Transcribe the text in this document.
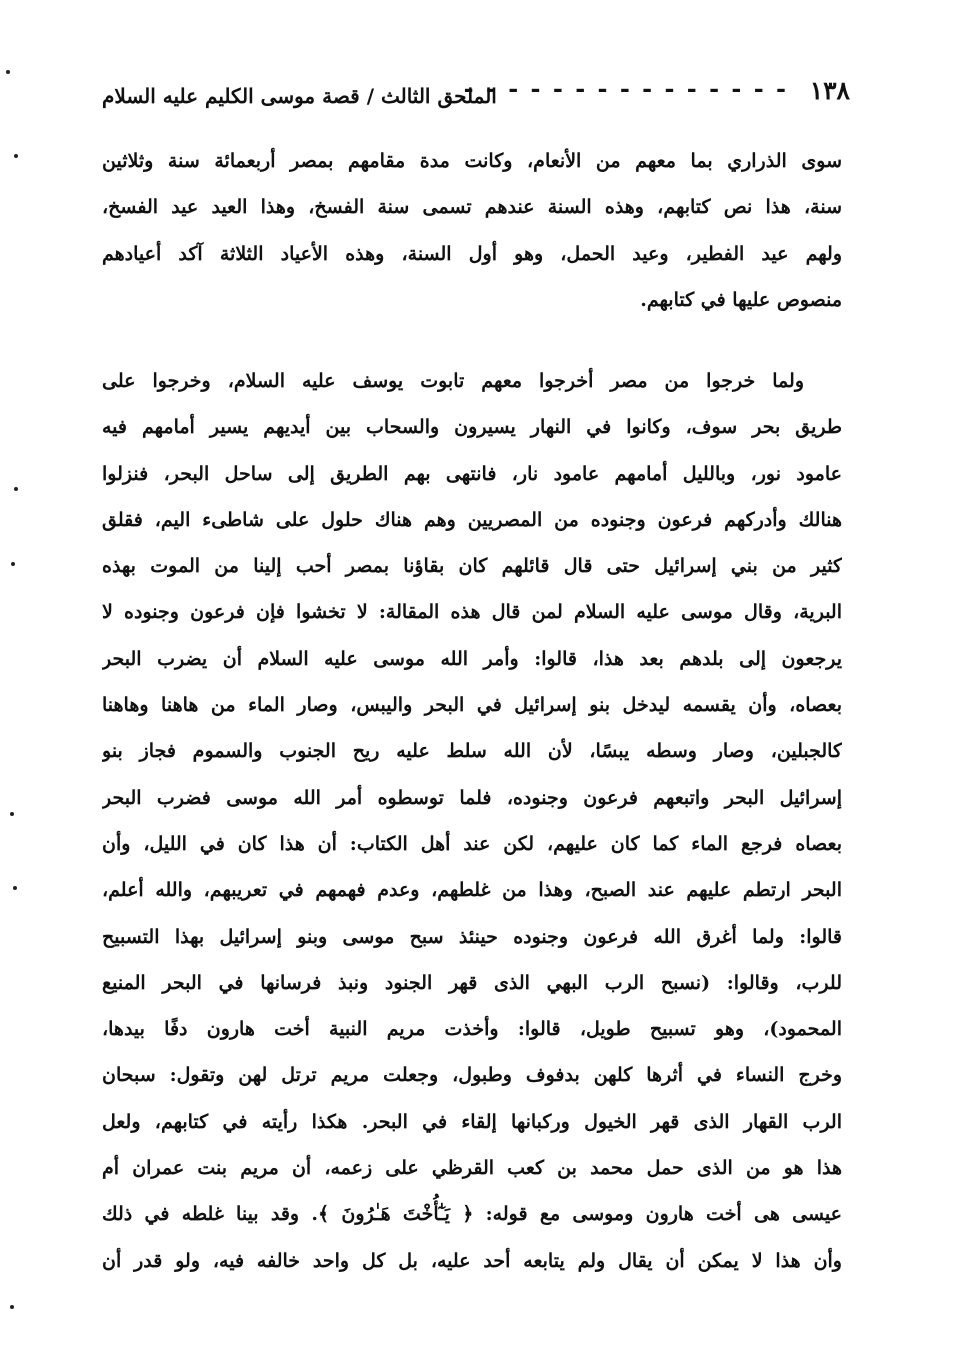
١٣٨
- - - - - - - - - - - - - - -
الملحق الثالث / قصة موسى الكليم عليه السلام
سوى الذراري بما معهم من الأنعام، وكانت مدة مقامهم بمصر أربعمائة سنة وثلاثين
سنة، هذا نص كتابهم، وهذه السنة عندهم تسمى سنة الفسخ، وهذا العيد عيد الفسخ،
ولهم عيد الفطير، وعيد الحمل، وهو أول السنة، وهذه الأعياد الثلاثة آكد أعيادهم
منصوص عليها في كتابهم.
ولما خرجوا من مصر أخرجوا معهم تابوت يوسف عليه السلام، وخرجوا على
طريق بحر سوف، وكانوا في النهار يسيرون والسحاب بين أيديهم يسير أمامهم فيه
عامود نور، وبالليل أمامهم عامود نار، فانتهى بهم الطريق إلى ساحل البحر، فنزلوا
هنالك وأدركهم فرعون وجنوده من المصريين وهم هناك حلول على شاطىء اليم، فقلق
كثير من بني إسرائيل حتى قال قائلهم كان بقاؤنا بمصر أحب إلينا من الموت بهذه
البرية، وقال موسى عليه السلام لمن قال هذه المقالة: لا تخشوا فإن فرعون وجنوده لا
يرجعون إلى بلدهم بعد هذا، قالوا: وأمر الله موسى عليه السلام أن يضرب البحر
بعصاه، وأن يقسمه ليدخل بنو إسرائيل في البحر واليبس، وصار الماء من هاهنا وهاهنا
كالجبلين، وصار وسطه يبسًا، لأن الله سلط عليه ريح الجنوب والسموم فجاز بنو
إسرائيل البحر واتبعهم فرعون وجنوده، فلما توسطوه أمر الله موسى فضرب البحر
بعصاه فرجع الماء كما كان عليهم، لكن عند أهل الكتاب: أن هذا كان في الليل، وأن
البحر ارتطم عليهم عند الصبح، وهذا من غلطهم، وعدم فهمهم في تعريبهم، والله أعلم،
قالوا: ولما أغرق الله فرعون وجنوده حينئذ سبح موسى وبنو إسرائيل بهذا التسبيح
للرب، وقالوا: (نسبح الرب البهي الذى قهر الجنود ونبذ فرسانها في البحر المنيع
المحمود)، وهو تسبيح طويل، قالوا: وأخذت مريم النبية أخت هارون دفًا بيدها،
وخرج النساء في أثرها كلهن بدفوف وطبول، وجعلت مريم ترتل لهن وتقول: سبحان
الرب القهار الذى قهر الخيول وركبانها إلقاء في البحر. هكذا رأيته في كتابهم، ولعل
هذا هو من الذى حمل محمد بن كعب القرظي على زعمه، أن مريم بنت عمران أم
عيسى هى أخت هارون وموسى مع قوله: ﴿ يَـٰٓأُخْتَ هَـٰرُونَ ﴾. وقد بينا غلطه في ذلك
وأن هذا لا يمكن أن يقال ولم يتابعه أحد عليه، بل كل واحد خالفه فيه، ولو قدر أن
